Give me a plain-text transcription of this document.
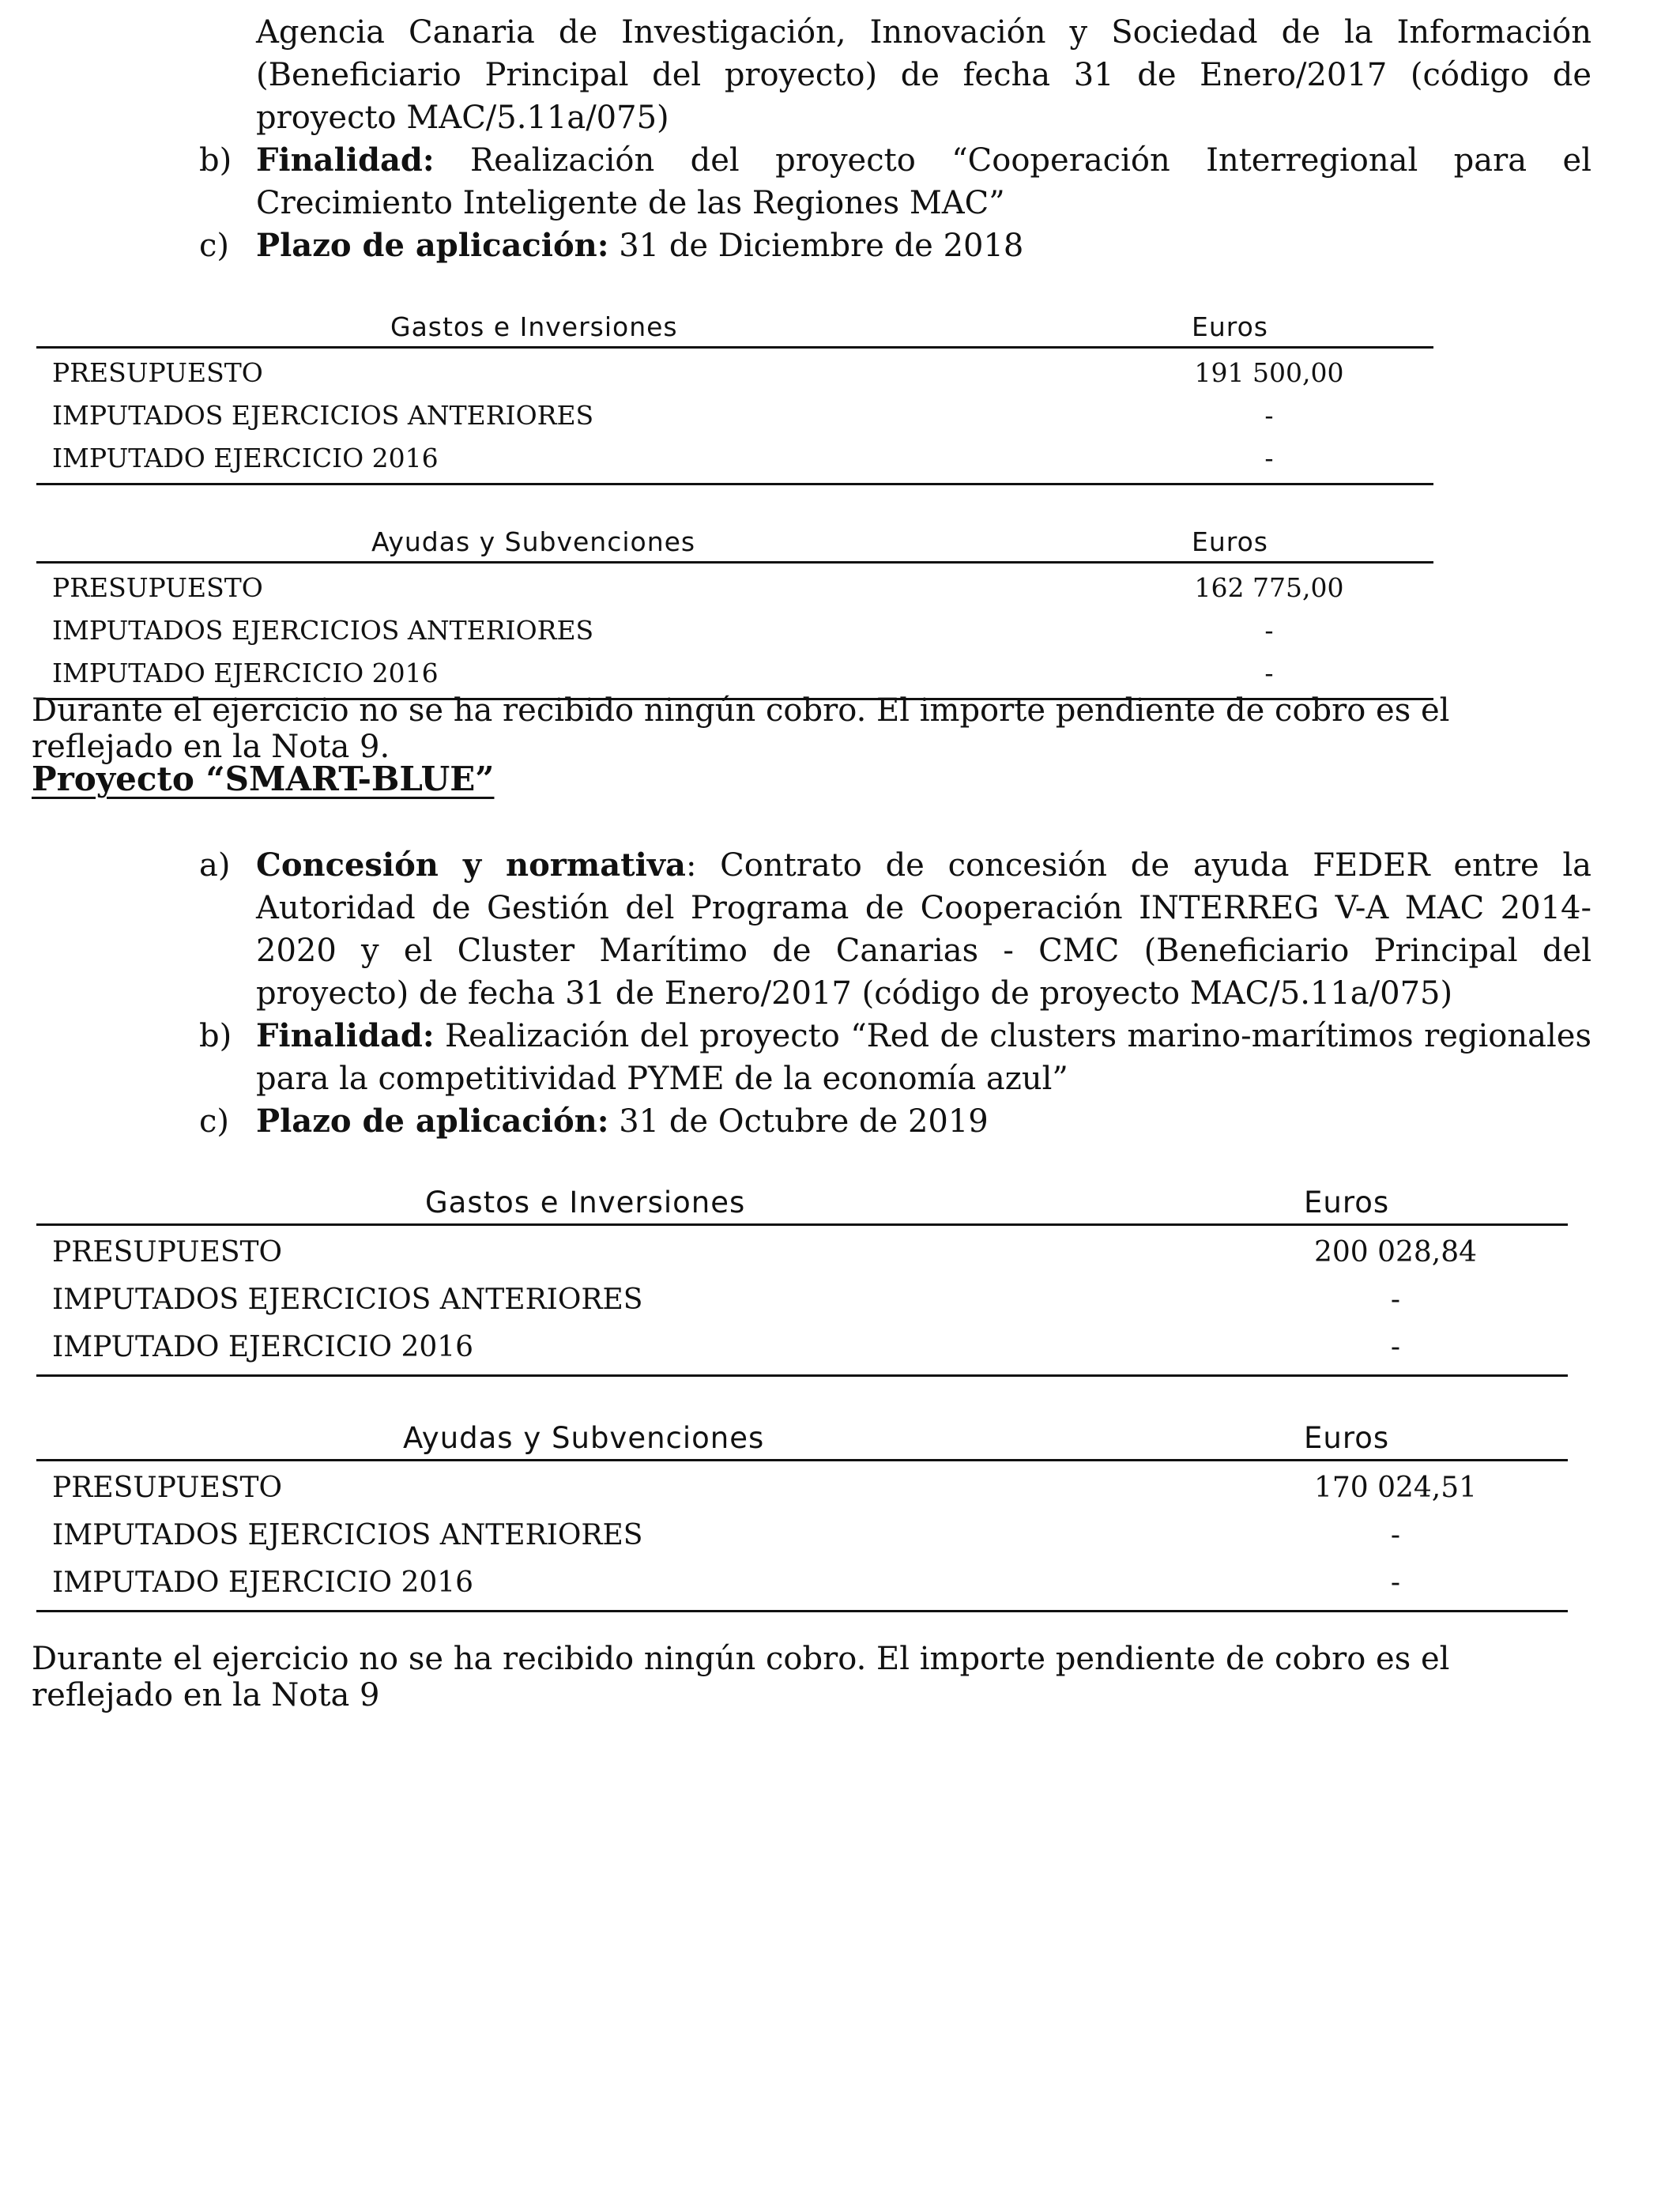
Agencia Canaria de Investigación, Innovación y Sociedad de la Información (Beneficiario Principal del proyecto) de fecha 31 de Enero/2017 (código de proyecto MAC/5.11a/075)
b) Finalidad: Realización del proyecto “Cooperación Interregional para el Crecimiento Inteligente de las Regiones MAC”
c) Plazo de aplicación: 31 de Diciembre de 2018
Gastos e Inversiones	Euros
PRESUPUESTO	191 500,00
IMPUTADOS EJERCICIOS ANTERIORES	-
IMPUTADO EJERCICIO 2016	-
Ayudas y Subvenciones	Euros
PRESUPUESTO	162 775,00
IMPUTADOS EJERCICIOS ANTERIORES	-
IMPUTADO EJERCICIO 2016	-
Durante el ejercicio no se ha recibido ningún cobro. El importe pendiente de cobro es el reflejado en la Nota 9.
Proyecto “SMART-BLUE”
a) Concesión y normativa: Contrato de concesión de ayuda FEDER entre la Autoridad de Gestión del Programa de Cooperación INTERREG V-A MAC 2014-2020 y el Cluster Marítimo de Canarias - CMC (Beneficiario Principal del proyecto) de fecha 31 de Enero/2017 (código de proyecto MAC/5.11a/075)
b) Finalidad: Realización del proyecto “Red de clusters marino-marítimos regionales para la competitividad PYME de la economía azul”
c) Plazo de aplicación: 31 de Octubre de 2019
Gastos e Inversiones	Euros
PRESUPUESTO	200 028,84
IMPUTADOS EJERCICIOS ANTERIORES	-
IMPUTADO EJERCICIO 2016	-
Ayudas y Subvenciones	Euros
PRESUPUESTO	170 024,51
IMPUTADOS EJERCICIOS ANTERIORES	-
IMPUTADO EJERCICIO 2016	-
Durante el ejercicio no se ha recibido ningún cobro. El importe pendiente de cobro es el reflejado en la Nota 9
